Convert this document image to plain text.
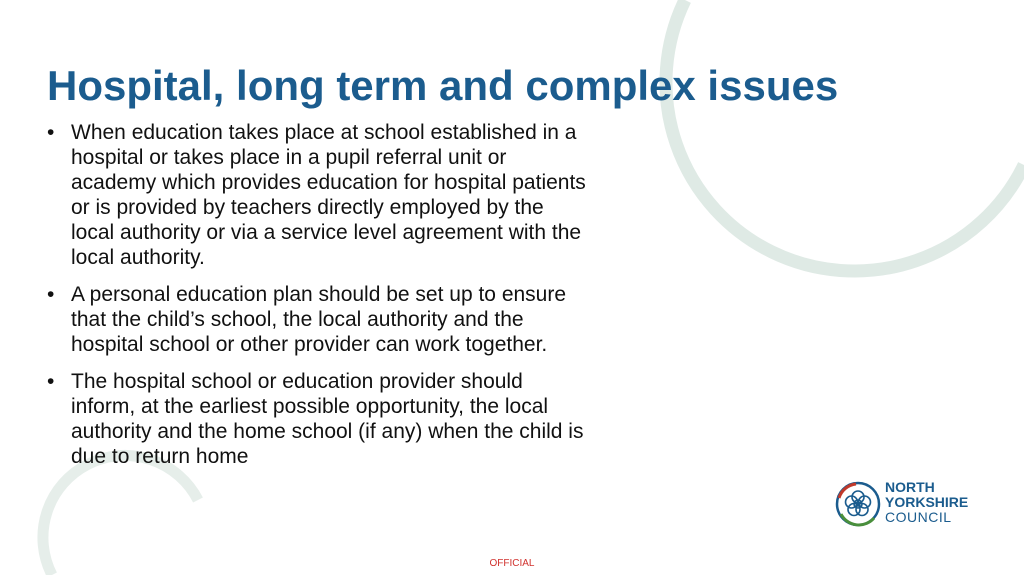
Hospital, long term and complex issues
• When education takes place at school established in a hospital or takes place in a pupil referral unit or academy which provides education for hospital patients or is provided by teachers directly employed by the local authority or via a service level agreement with the local authority.
• A personal education plan should be set up to ensure that the child’s school, the local authority and the hospital school or other provider can work together.
• The hospital school or education provider should inform, at the earliest possible opportunity, the local authority and the home school (if any) when the child is due to return home
NORTH
YORKSHIRE
COUNCIL
OFFICIAL
